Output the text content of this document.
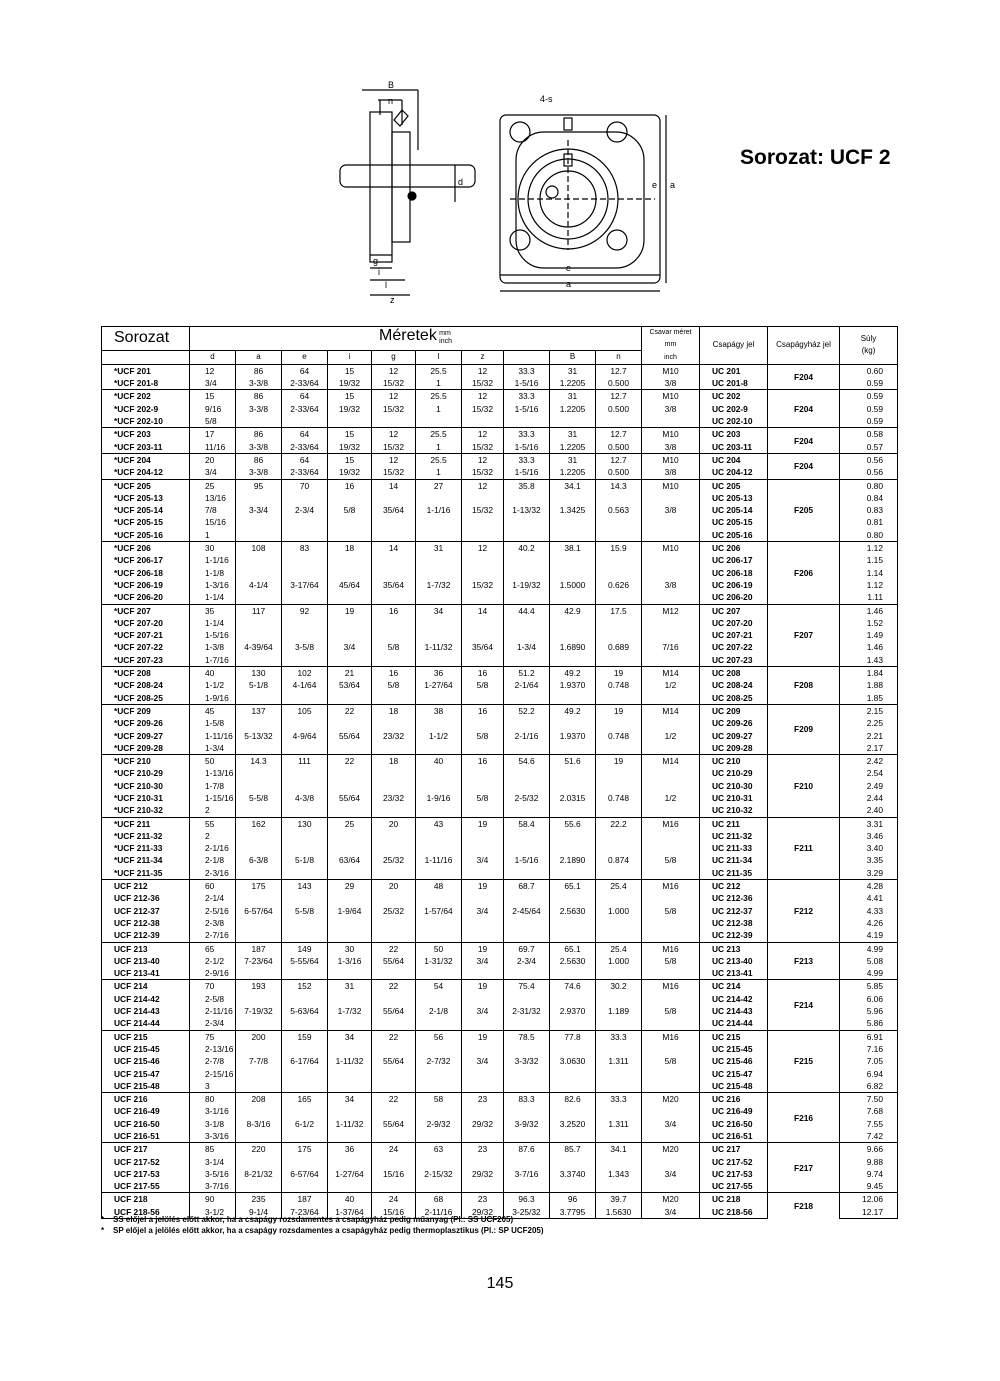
B
n
d
g
i
l
z
4-s
e a
e
a
Sorozat: UCF 2
Sorozat	Méretek mm
inch										Csavar méret
mm
inch	Csapágy jel	Csapágyház jel	Súly
(kg)

	d	a	e	i	g	l	z		B	n				
*UCF 201	12	86	64	15	12	25.5	12	33.3	31	12.7	M10	UC 201	F204	0.60
*UCF 201-8	3/4	3-3/8	2-33/64	19/32	15/32	1	15/32	1-5/16	1.2205	0.500	3/8	UC 201-8		0.59
*UCF 202	15	86	64	15	12	25.5	12	33.3	31	12.7	M10	UC 202	F204	0.59
*UCF 202-9	9/16	3-3/8	2-33/64	19/32	15/32	1	15/32	1-5/16	1.2205	0.500	3/8	UC 202-9		0.59
*UCF 202-10	5/8											UC 202-10		0.59
*UCF 203	17	86	64	15	12	25.5	12	33.3	31	12.7	M10	UC 203	F204	0.58
*UCF 203-11	11/16	3-3/8	2-33/64	19/32	15/32	1	15/32	1-5/16	1.2205	0.500	3/8	UC 203-11		0.57
*UCF 204	20	86	64	15	12	25.5	12	33.3	31	12.7	M10	UC 204	F204	0.56
*UCF 204-12	3/4	3-3/8	2-33/64	19/32	15/32	1	15/32	1-5/16	1.2205	0.500	3/8	UC 204-12		0.56
*UCF 205	25	95	70	16	14	27	12	35.8	34.1	14.3	M10	UC 205	F205	0.80
*UCF 205-13	13/16											UC 205-13		0.84
*UCF 205-14	7/8	3-3/4	2-3/4	5/8	35/64	1-1/16	15/32	1-13/32	1.3425	0.563	3/8	UC 205-14		0.83
*UCF 205-15	15/16											UC 205-15		0.81
*UCF 205-16	1											UC 205-16		0.80
*UCF 206	30	108	83	18	14	31	12	40.2	38.1	15.9	M10	UC 206	F206	1.12
*UCF 206-17	1-1/16											UC 206-17		1.15
*UCF 206-18	1-1/8											UC 206-18		1.14
*UCF 206-19	1-3/16	4-1/4	3-17/64	45/64	35/64	1-7/32	15/32	1-19/32	1.5000	0.626	3/8	UC 206-19		1.12
*UCF 206-20	1-1/4											UC 206-20		1.11
*UCF 207	35	117	92	19	16	34	14	44.4	42.9	17.5	M12	UC 207	F207	1.46
*UCF 207-20	1-1/4											UC 207-20		1.52
*UCF 207-21	1-5/16											UC 207-21		1.49
*UCF 207-22	1-3/8	4-39/64	3-5/8	3/4	5/8	1-11/32	35/64	1-3/4	1.6890	0.689	7/16	UC 207-22		1.46
*UCF 207-23	1-7/16											UC 207-23		1.43
*UCF 208	40	130	102	21	16	36	16	51.2	49.2	19	M14	UC 208	F208	1.84
*UCF 208-24	1-1/2	5-1/8	4-1/64	53/64	5/8	1-27/64	5/8	2-1/64	1.9370	0.748	1/2	UC 208-24		1.88
*UCF 208-25	1-9/16											UC 208-25		1.85
*UCF 209	45	137	105	22	18	38	16	52.2	49.2	19	M14	UC 209	F209	2.15
*UCF 209-26	1-5/8											UC 209-26		2.25
*UCF 209-27	1-11/16	5-13/32	4-9/64	55/64	23/32	1-1/2	5/8	2-1/16	1.9370	0.748	1/2	UC 209-27		2.21
*UCF 209-28	1-3/4											UC 209-28		2.17
*UCF 210	50	14.3	111	22	18	40	16	54.6	51.6	19	M14	UC 210	F210	2.42
*UCF 210-29	1-13/16											UC 210-29		2.54
*UCF 210-30	1-7/8											UC 210-30		2.49
*UCF 210-31	1-15/16	5-5/8	4-3/8	55/64	23/32	1-9/16	5/8	2-5/32	2.0315	0.748	1/2	UC 210-31		2.44
*UCF 210-32	2											UC 210-32		2.40
*UCF 211	55	162	130	25	20	43	19	58.4	55.6	22.2	M16	UC 211	F211	3.31
*UCF 211-32	2											UC 211-32		3.46
*UCF 211-33	2-1/16											UC 211-33		3.40
*UCF 211-34	2-1/8	6-3/8	5-1/8	63/64	25/32	1-11/16	3/4	1-5/16	2.1890	0.874	5/8	UC 211-34		3.35
*UCF 211-35	2-3/16											UC 211-35		3.29
UCF 212	60	175	143	29	20	48	19	68.7	65.1	25.4	M16	UC 212	F212	4.28
UCF 212-36	2-1/4											UC 212-36		4.41
UCF 212-37	2-5/16	6-57/64	5-5/8	1-9/64	25/32	1-57/64	3/4	2-45/64	2.5630	1.000	5/8	UC 212-37		4.33
UCF 212-38	2-3/8											UC 212-38		4.26
UCF 212-39	2-7/16											UC 212-39		4.19
UCF 213	65	187	149	30	22	50	19	69.7	65.1	25.4	M16	UC 213	F213	4.99
UCF 213-40	2-1/2	7-23/64	5-55/64	1-3/16	55/64	1-31/32	3/4	2-3/4	2.5630	1.000	5/8	UC 213-40		5.08
UCF 213-41	2-9/16											UC 213-41		4.99
UCF 214	70	193	152	31	22	54	19	75.4	74.6	30.2	M16	UC 214	F214	5.85
UCF 214-42	2-5/8											UC 214-42		6.06
UCF 214-43	2-11/16	7-19/32	5-63/64	1-7/32	55/64	2-1/8	3/4	2-31/32	2.9370	1.189	5/8	UC 214-43		5.96
UCF 214-44	2-3/4											UC 214-44		5.86
UCF 215	75	200	159	34	22	56	19	78.5	77.8	33.3	M16	UC 215	F215	6.91
UCF 215-45	2-13/16											UC 215-45		7.16
UCF 215-46	2-7/8	7-7/8	6-17/64	1-11/32	55/64	2-7/32	3/4	3-3/32	3.0630	1.311	5/8	UC 215-46		7.05
UCF 215-47	2-15/16											UC 215-47		6.94
UCF 215-48	3											UC 215-48		6.82
UCF 216	80	208	165	34	22	58	23	83.3	82.6	33.3	M20	UC 216	F216	7.50
UCF 216-49	3-1/16											UC 216-49		7.68
UCF 216-50	3-1/8	8-3/16	6-1/2	1-11/32	55/64	2-9/32	29/32	3-9/32	3.2520	1.311	3/4	UC 216-50		7.55
UCF 216-51	3-3/16											UC 216-51		7.42
UCF 217	85	220	175	36	24	63	23	87.6	85.7	34.1	M20	UC 217	F217	9.66
UCF 217-52	3-1/4											UC 217-52		9.88
UCF 217-53	3-5/16	8-21/32	6-57/64	1-27/64	15/16	2-15/32	29/32	3-7/16	3.3740	1.343	3/4	UC 217-53		9.74
UCF 217-55	3-7/16											UC 217-55		9.45
UCF 218	90	235	187	40	24	68	23	96.3	96	39.7	M20	UC 218	F218	12.06
UCF 218-56	3-1/2	9-1/4	7-23/64	1-37/64	15/16	2-11/16	29/32	3-25/32	3.7795	1.5630	3/4	UC 218-56		12.17
* SS előjel a jelölés előtt akkor, ha a csapágy rozsdamentes a csapágyház pedig műanyag (Pl.: SS UCF205)
* SP előjel a jelölés előtt akkor, ha a csapágy rozsdamentes a csapágyház pedig thermoplasztikus (Pl.: SP UCF205)
145
